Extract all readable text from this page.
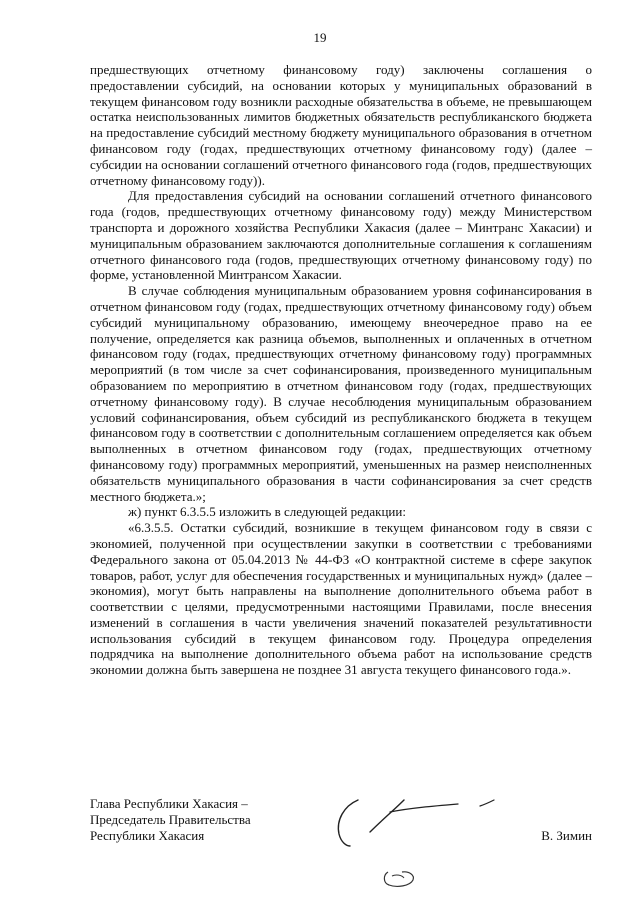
19

предшествующих отчетному финансовому году) заключены соглашения о предоставлении субсидий, на основании которых у муниципальных образований в текущем финансовом году возникли расходные обязательства в объеме, не превышающем остатка неиспользованных лимитов бюджетных обязательств республиканского бюджета на предоставление субсидий местному бюджету муниципального образования в отчетном финансовом году (годах, предшествующих отчетному финансовому году) (далее – субсидии на основании соглашений отчетного финансового года (годов, предшествующих отчетному финансовому году)).

Для предоставления субсидий на основании соглашений отчетного финансового года (годов, предшествующих отчетному финансовому году) между Министерством транспорта и дорожного хозяйства Республики Хакасия (далее – Минтранс Хакасии) и муниципальным образованием заключаются дополнительные соглашения к соглашениям отчетного финансового года (годов, предшествующих отчетному финансовому году) по форме, установленной Минтрансом Хакасии.

В случае соблюдения муниципальным образованием уровня софинансирования в отчетном финансовом году (годах, предшествующих отчетному финансовому году) объем субсидий муниципальному образованию, имеющему внеочередное право на ее получение, определяется как разница объемов, выполненных и оплаченных в отчетном финансовом году (годах, предшествующих отчетному финансовому году) программных мероприятий (в том числе за счет софинансирования, произведенного муниципальным образованием по мероприятию в отчетном финансовом году (годах, предшествующих отчетному финансовому году). В случае несоблюдения муниципальным образованием условий софинансирования, объем субсидий из республиканского бюджета в текущем финансовом году в соответствии с дополнительным соглашением определяется как объем выполненных в отчетном финансовом году (годах, предшествующих отчетному финансовому году) программных мероприятий, уменьшенных на размер неисполненных обязательств муниципального образования в части софинансирования за счет средств местного бюджета.»;

ж) пункт 6.3.5.5 изложить в следующей редакции:

«6.3.5.5. Остатки субсидий, возникшие в текущем финансовом году в связи с экономией, полученной при осуществлении закупки в соответствии с требованиями Федерального закона от 05.04.2013 № 44-ФЗ «О контрактной системе в сфере закупок товаров, работ, услуг для обеспечения государственных и муниципальных нужд» (далее – экономия), могут быть направлены на выполнение дополнительного объема работ в соответствии с целями, предусмотренными настоящими Правилами, после внесения изменений в соглашения в части увеличения значений показателей результативности использования субсидий в текущем финансовом году. Процедура определения подрядчика на выполнение дополнительного объема работ на использование средств экономии должна быть завершена не позднее 31 августа текущего финансового года.».

Глава Республики Хакасия –
Председатель Правительства
Республики Хакасия	В. Зимин
